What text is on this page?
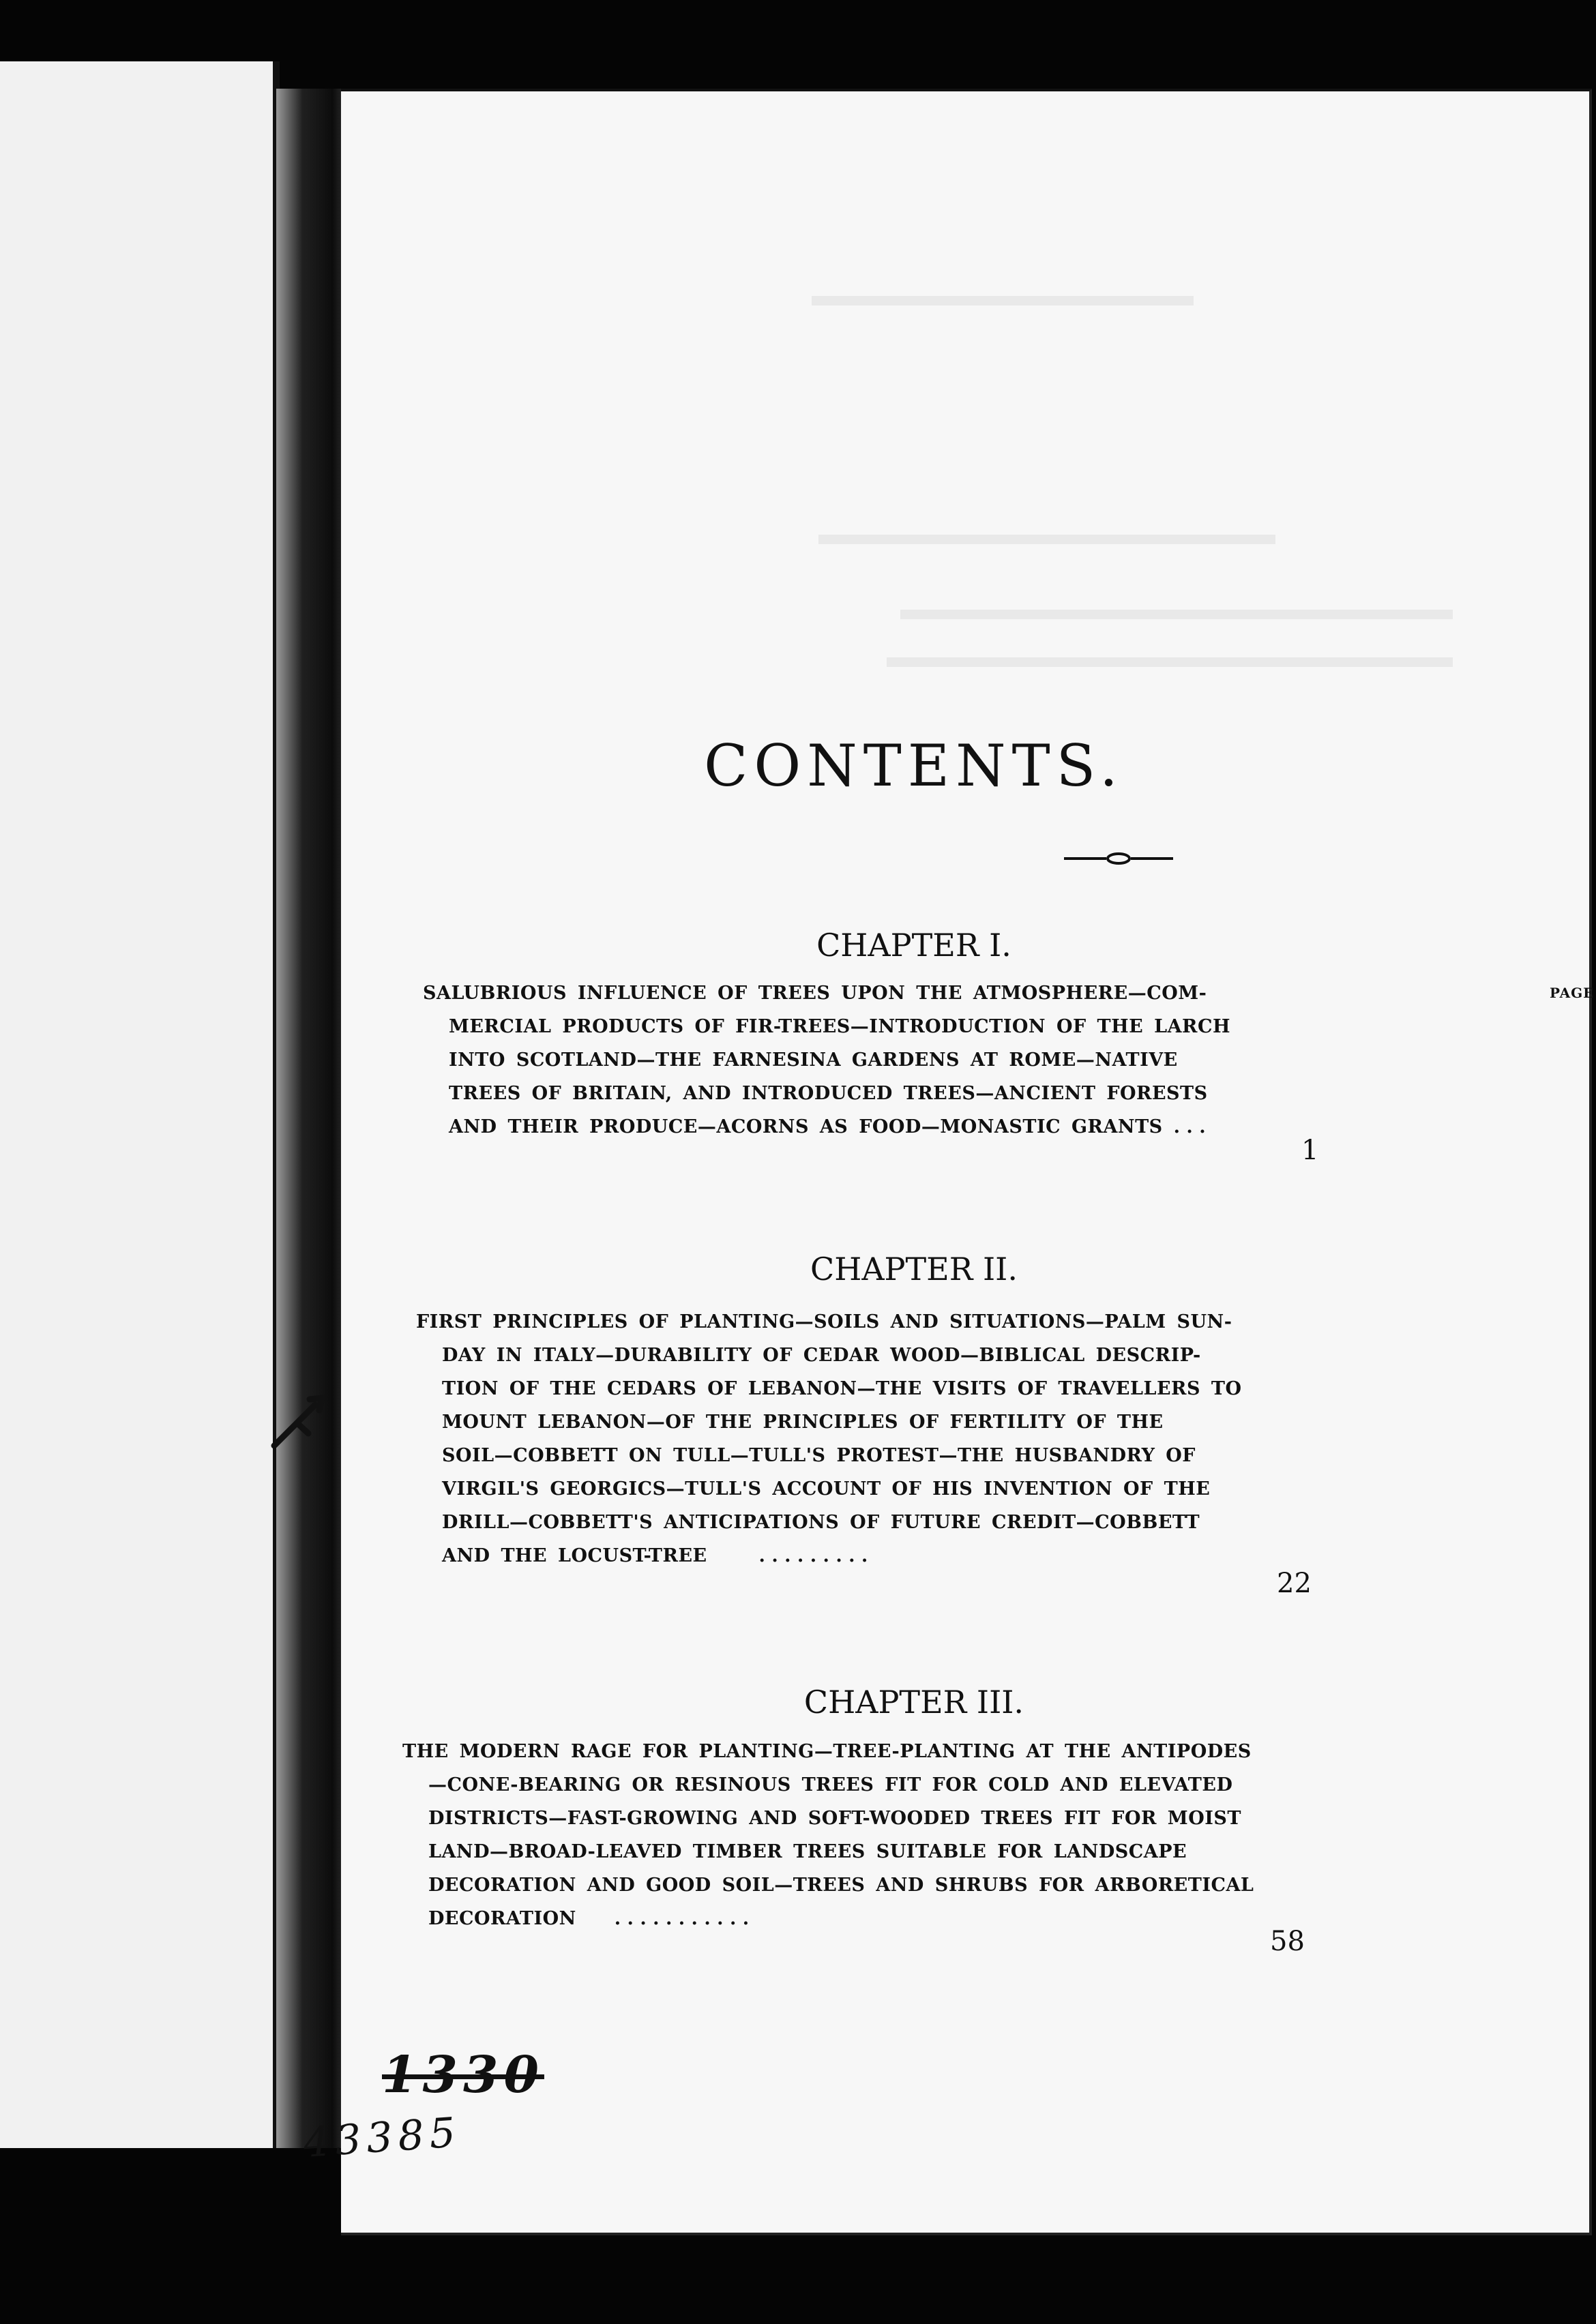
CONTENTS.
CHAPTER I.
PAGE
SALUBRIOUS INFLUENCE OF TREES UPON THE ATMOSPHERE—COM-
MERCIAL PRODUCTS OF FIR-TREES—INTRODUCTION OF THE LARCH
INTO SCOTLAND—THE FARNESINA GARDENS AT ROME—NATIVE
TREES OF BRITAIN, AND INTRODUCED TREES—ANCIENT FORESTS
AND THEIR PRODUCE—ACORNS AS FOOD—MONASTIC GRANTS . . .
1
CHAPTER II.
FIRST PRINCIPLES OF PLANTING—SOILS AND SITUATIONS—PALM SUN-
DAY IN ITALY—DURABILITY OF CEDAR WOOD—BIBLICAL DESCRIP-
TION OF THE CEDARS OF LEBANON—THE VISITS OF TRAVELLERS TO
MOUNT LEBANON—OF THE PRINCIPLES OF FERTILITY OF THE
SOIL—COBBETT ON TULL—TULL'S PROTEST—THE HUSBANDRY OF
VIRGIL'S GEORGICS—TULL'S ACCOUNT OF HIS INVENTION OF THE
DRILL—COBBETT'S ANTICIPATIONS OF FUTURE CREDIT—COBBETT
AND THE LOCUST-TREE	. . . . . . . . .
22
CHAPTER III.
THE MODERN RAGE FOR PLANTING—TREE-PLANTING AT THE ANTIPODES
—CONE-BEARING OR RESINOUS TREES FIT FOR COLD AND ELEVATED
DISTRICTS—FAST-GROWING AND SOFT-WOODED TREES FIT FOR MOIST
LAND—BROAD-LEAVED TIMBER TREES SUITABLE FOR LANDSCAPE
DECORATION AND GOOD SOIL—TREES AND SHRUBS FOR ARBORETICAL
DECORATION . . . . . . . . . . .
58
1330
43385
